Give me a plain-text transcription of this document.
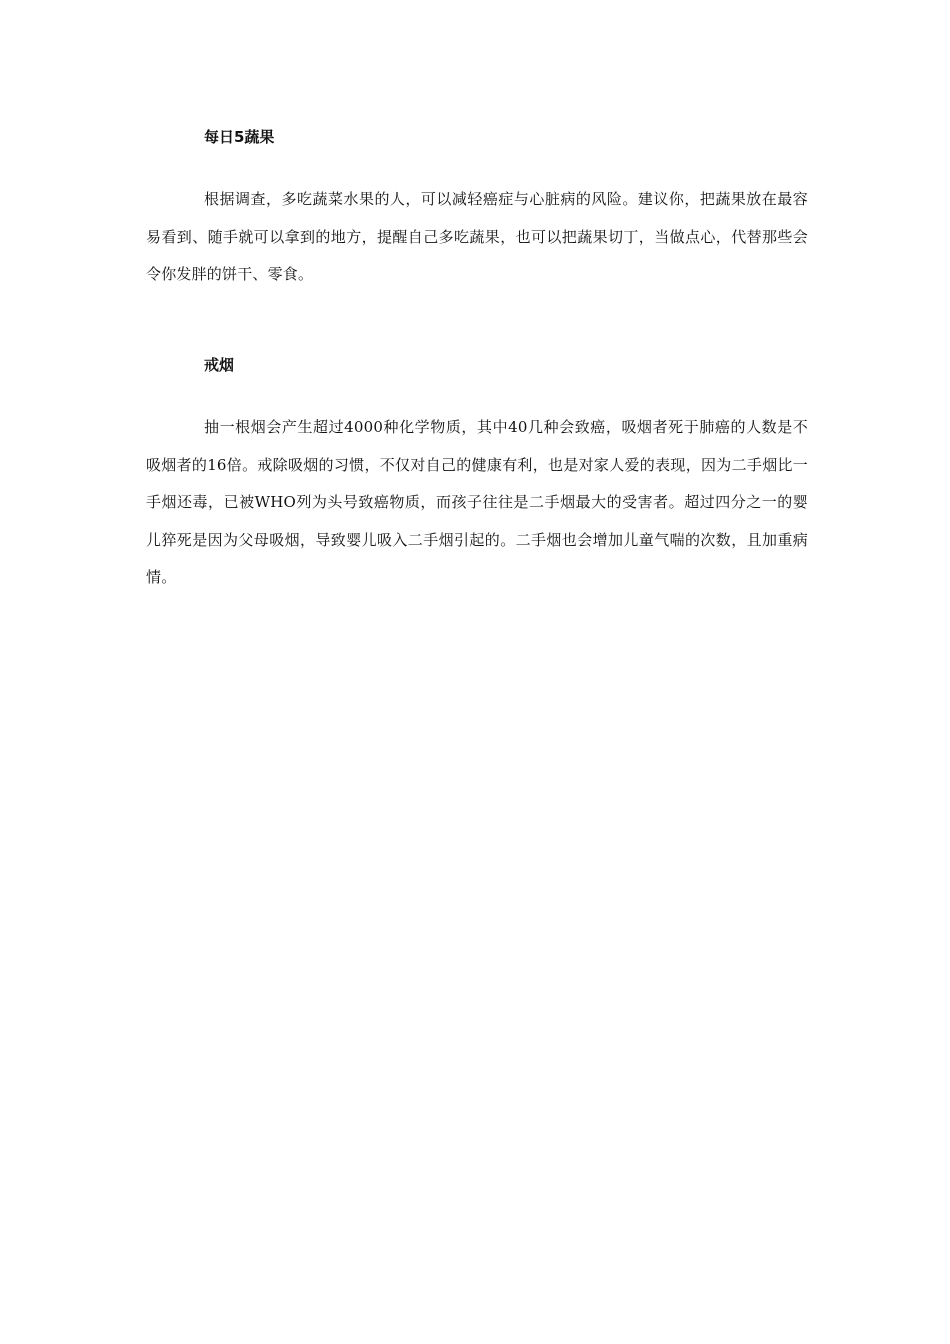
每日5蔬果
根据调查，多吃蔬菜水果的人，可以减轻癌症与心脏病的风险。建议你，把蔬果放在最容易看到、随手就可以拿到的地方，提醒自己多吃蔬果，也可以把蔬果切丁，当做点心，代替那些会令你发胖的饼干、零食。
戒烟
抽一根烟会产生超过4000种化学物质，其中40几种会致癌，吸烟者死于肺癌的人数是不吸烟者的16倍。戒除吸烟的习惯，不仅对自己的健康有利，也是对家人爱的表现，因为二手烟比一手烟还毒，已被WHO列为头号致癌物质，而孩子往往是二手烟最大的受害者。超过四分之一的婴儿猝死是因为父母吸烟，导致婴儿吸入二手烟引起的。二手烟也会增加儿童气喘的次数，且加重病情。
